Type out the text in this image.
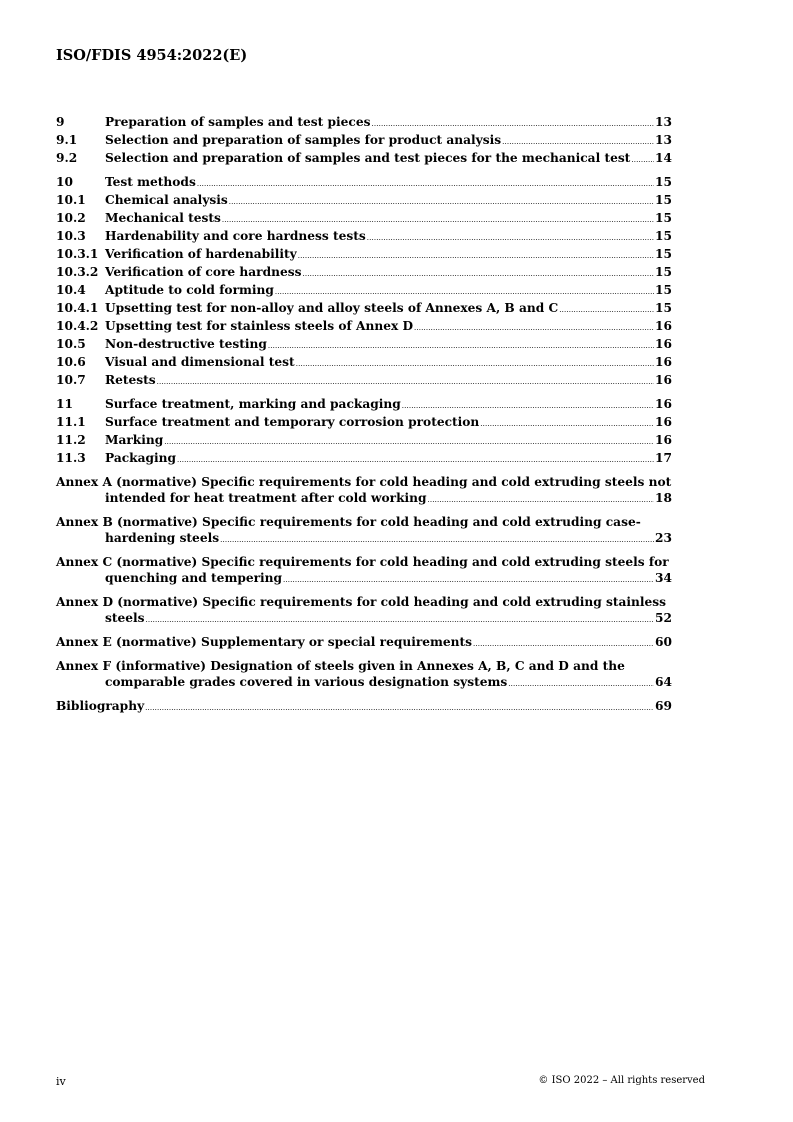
ISO/FDIS 4954:2022(E)
9	Preparation of samples and test pieces .....	13
9.1	Selection and preparation of samples for product analysis .....	13
9.2	Selection and preparation of samples and test pieces for the mechanical test ..... 14
10	Test methods .....	15
10.1	Chemical analysis .....	15
10.2	Mechanical tests .....	15
10.3	Hardenability and core hardness tests .....	15
10.3.1 Verification of hardenability .....	15
10.3.2 Verification of core hardness .....	15
10.4	Aptitude to cold forming .....	15
10.4.1 Upsetting test for non-alloy and alloy steels of Annexes A, B and C .....	15
10.4.2 Upsetting test for stainless steels of Annex D .....	16
10.5	Non-destructive testing .....	16
10.6	Visual and dimensional test .....	16
10.7	Retests .....	16
11	Surface treatment, marking and packaging .....	16
11.1	Surface treatment and temporary corrosion protection .....	16
11.2	Marking .....	16
11.3	Packaging .....	17
Annex A (normative) Specific requirements for cold heading and cold extruding steels not
intended for heat treatment after cold working .....	18
Annex B (normative) Specific requirements for cold heading and cold extruding case-
hardening steels .....	23
Annex C (normative) Specific requirements for cold heading and cold extruding steels for
quenching and tempering .....	34
Annex D (normative) Specific requirements for cold heading and cold extruding stainless
steels .....	52
Annex E (normative) Supplementary or special requirements .....	60
Annex F (informative) Designation of steels given in Annexes A, B, C and D and the
comparable grades covered in various designation systems .....	64
Bibliography .....	69
iv	© ISO 2022 – All rights reserved
